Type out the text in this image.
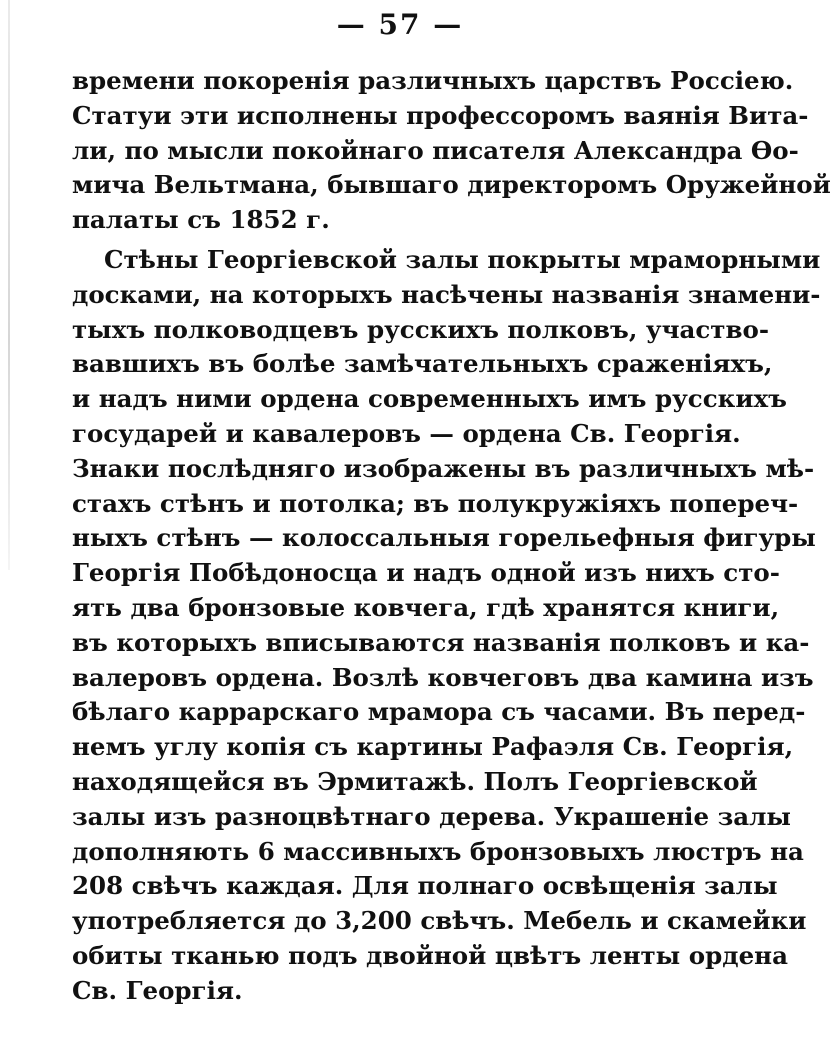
— 57 —
времени покоренія различныхъ царствъ Россіею.
Статуи эти исполнены профессоромъ ваянія Вита-
ли, по мысли покойнаго писателя Александра Ѳо-
мича Вельтмана, бывшаго директоромъ Оружейной
палаты съ 1852 г.
Стѣны Георгіевской залы покрыты мраморными
досками, на которыхъ насѣчены названія знамени-
тыхъ полководцевъ русскихъ полковъ, участво-
вавшихъ въ болѣе замѣчательныхъ сраженіяхъ,
и надъ ними ордена современныхъ имъ русскихъ
государей и кавалеровъ — ордена Св. Георгія.
Знаки послѣдняго изображены въ различныхъ мѣ-
стахъ стѣнъ и потолка; въ полукружіяхъ попереч-
ныхъ стѣнъ — колоссальныя горельефныя фигуры
Георгія Побѣдоносца и надъ одной изъ нихъ сто-
ять два бронзовые ковчега, гдѣ хранятся книги,
въ которыхъ вписываются названія полковъ и ка-
валеровъ ордена. Возлѣ ковчеговъ два камина изъ
бѣлаго каррарскаго мрамора съ часами. Въ перед-
немъ углу копія съ картины Рафаэля Св. Георгія,
находящейся въ Эрмитажѣ. Полъ Георгіевской
залы изъ разноцвѣтнаго дерева. Украшеніе залы
дополняють 6 массивныхъ бронзовыхъ люстръ на
208 свѣчъ каждая. Для полнаго освѣщенія залы
употребляется до 3,200 свѣчъ. Мебель и скамейки
обиты тканью подъ двойной цвѣтъ ленты ордена
Св. Георгія.
